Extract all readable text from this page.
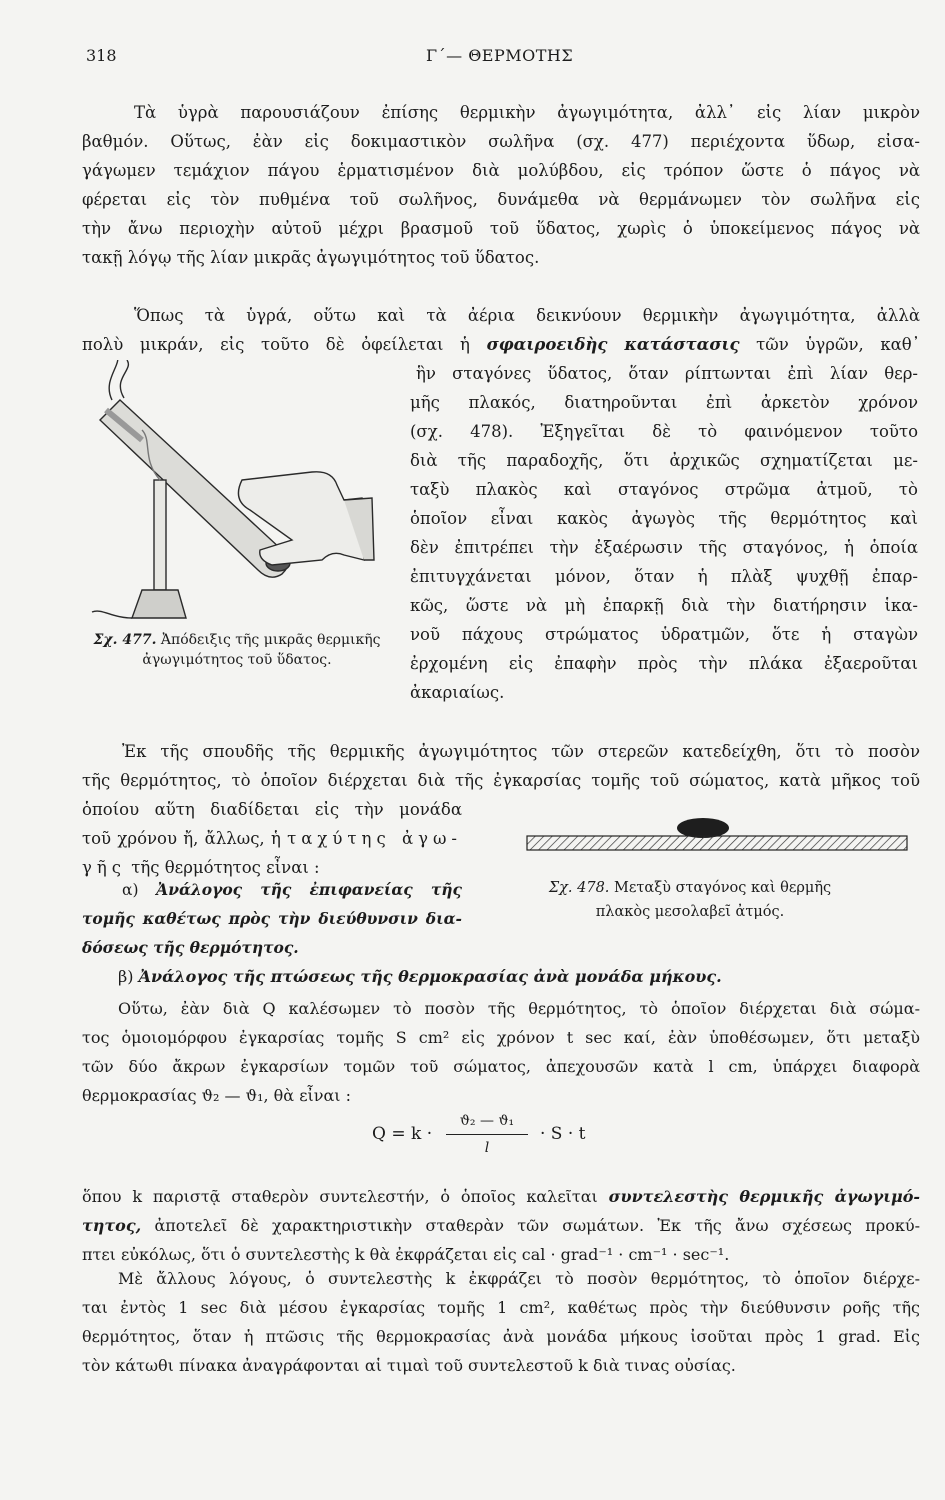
318	Γ΄— ΘΕΡΜΟΤΗΣ
Τὰ ὑγρὰ παρουσιάζουν ἐπίσης θερμικὴν ἀγωγιμότητα, ἀλλ᾿ εἰς λίαν μικρὸν
βαθμόν. Οὕτως, ἐὰν εἰς δοκιμαστικὸν σωλῆνα (σχ. 477) περιέχοντα ὕδωρ, εἰσα-
γάγωμεν τεμάχιον πάγου ἑρματισμένον διὰ μολύβδου, εἰς τρόπον ὥστε ὁ πάγος νὰ
φέρεται εἰς τὸν πυθμένα τοῦ σωλῆνος, δυνάμεθα νὰ θερμάνωμεν τὸν σωλῆνα εἰς
τὴν ἄνω περιοχὴν αὐτοῦ μέχρι βρασμοῦ τοῦ ὕδατος, χωρὶς ὁ ὑποκείμενος πάγος νὰ
τακῇ λόγῳ τῆς λίαν μικρᾶς ἀγωγιμότητος τοῦ ὕδατος.
Ὅπως τὰ ὑγρά, οὕτω καὶ τὰ ἀέρια δεικνύουν θερμικὴν ἀγωγιμότητα, ἀλλὰ
πολὺ μικράν, εἰς τοῦτο δὲ ὀφείλεται ἡ σφαιροειδὴς κατάστασις τῶν ὑγρῶν, καθ᾿
ἣν σταγόνες ὕδατος, ὅταν ρίπτωνται ἐπὶ λίαν θερ-
μῆς πλακός, διατηροῦνται ἐπὶ ἀρκετὸν χρόνον
(σχ. 478). Ἐξηγεῖται δὲ τὸ φαινόμενον τοῦτο
διὰ τῆς παραδοχῆς, ὅτι ἀρχικῶς σχηματίζεται με-
ταξὺ πλακὸς καὶ σταγόνος στρῶμα ἀτμοῦ, τὸ
ὁποῖον εἶναι κακὸς ἀγωγὸς τῆς θερμότητος καὶ
δὲν ἐπιτρέπει τὴν ἐξαέρωσιν τῆς σταγόνος, ἡ ὁποία
ἐπιτυγχάνεται μόνον, ὅταν ἡ πλὰξ ψυχθῇ ἐπαρ-
κῶς, ὥστε νὰ μὴ ἐπαρκῇ διὰ τὴν διατήρησιν ἱκα-
νοῦ πάχους στρώματος ὑδρατμῶν, ὅτε ἡ σταγὼν
ἐρχομένη εἰς ἐπαφὴν πρὸς τὴν πλάκα ἐξαεροῦται
ἀκαριαίως.
Σχ. 477. Ἀπόδειξις τῆς μικρᾶς θερμικῆς ἀγωγιμότητος τοῦ ὕδατος.
Ἐκ τῆς σπουδῆς τῆς θερμικῆς ἀγωγιμότητος τῶν στερεῶν κατεδείχθη, ὅτι τὸ ποσὸν
τῆς θερμότητος, τὸ ὁποῖον διέρχεται διὰ τῆς ἐγκαρσίας τομῆς τοῦ σώματος, κατὰ μῆκος τοῦ
ὁποίου αὕτη διαδίδεται εἰς τὴν μονάδα
τοῦ χρόνου ἤ, ἄλλως, ἡ ταχύτης ἀγω-
γῆς τῆς θερμότητος εἶναι :
α) Ἀνάλογος τῆς ἐπιφανείας τῆς
τομῆς καθέτως πρὸς τὴν διεύθυνσιν δια-
δόσεως τῆς θερμότητος.
Σχ. 478. Μεταξὺ σταγόνος καὶ θερμῆς
πλακὸς μεσολαβεῖ ἀτμός.
β) Ἀνάλογος τῆς πτώσεως τῆς θερμοκρασίας ἀνὰ μονάδα μήκους.
Οὕτω, ἐὰν διὰ Q καλέσωμεν τὸ ποσὸν τῆς θερμότητος, τὸ ὁποῖον διέρχεται διὰ σώμα-
τος ὁμοιομόρφου ἐγκαρσίας τομῆς S cm² εἰς χρόνον t sec καί, ἐὰν ὑποθέσωμεν, ὅτι μεταξὺ
τῶν δύο ἄκρων ἐγκαρσίων τομῶν τοῦ σώματος, ἀπεχουσῶν κατὰ l cm, ὑπάρχει διαφορὰ
θερμοκρασίας ϑ₂ — ϑ₁, θὰ εἶναι :
Q = k ·
ϑ₂ — ϑ₁
l
· S · t
ὅπου k παριστᾷ σταθερὸν συντελεστήν, ὁ ὁποῖος καλεῖται συντελεστὴς θερμικῆς ἀγωγιμό-
τητος, ἀποτελεῖ δὲ χαρακτηριστικὴν σταθερὰν τῶν σωμάτων. Ἐκ τῆς ἄνω σχέσεως προκύ-
πτει εὐκόλως, ὅτι ὁ συντελεστὴς k θὰ ἐκφράζεται εἰς cal · grad⁻¹ · cm⁻¹ · sec⁻¹.
Μὲ ἄλλους λόγους, ὁ συντελεστὴς k ἐκφράζει τὸ ποσὸν θερμότητος, τὸ ὁποῖον διέρχε-
ται ἐντὸς 1 sec διὰ μέσου ἐγκαρσίας τομῆς 1 cm², καθέτως πρὸς τὴν διεύθυνσιν ροῆς τῆς
θερμότητος, ὅταν ἡ πτῶσις τῆς θερμοκρασίας ἀνὰ μονάδα μήκους ἰσοῦται πρὸς 1 grad. Εἰς
τὸν κάτωθι πίνακα ἀναγράφονται αἱ τιμαὶ τοῦ συντελεστοῦ k διὰ τινας οὐσίας.
